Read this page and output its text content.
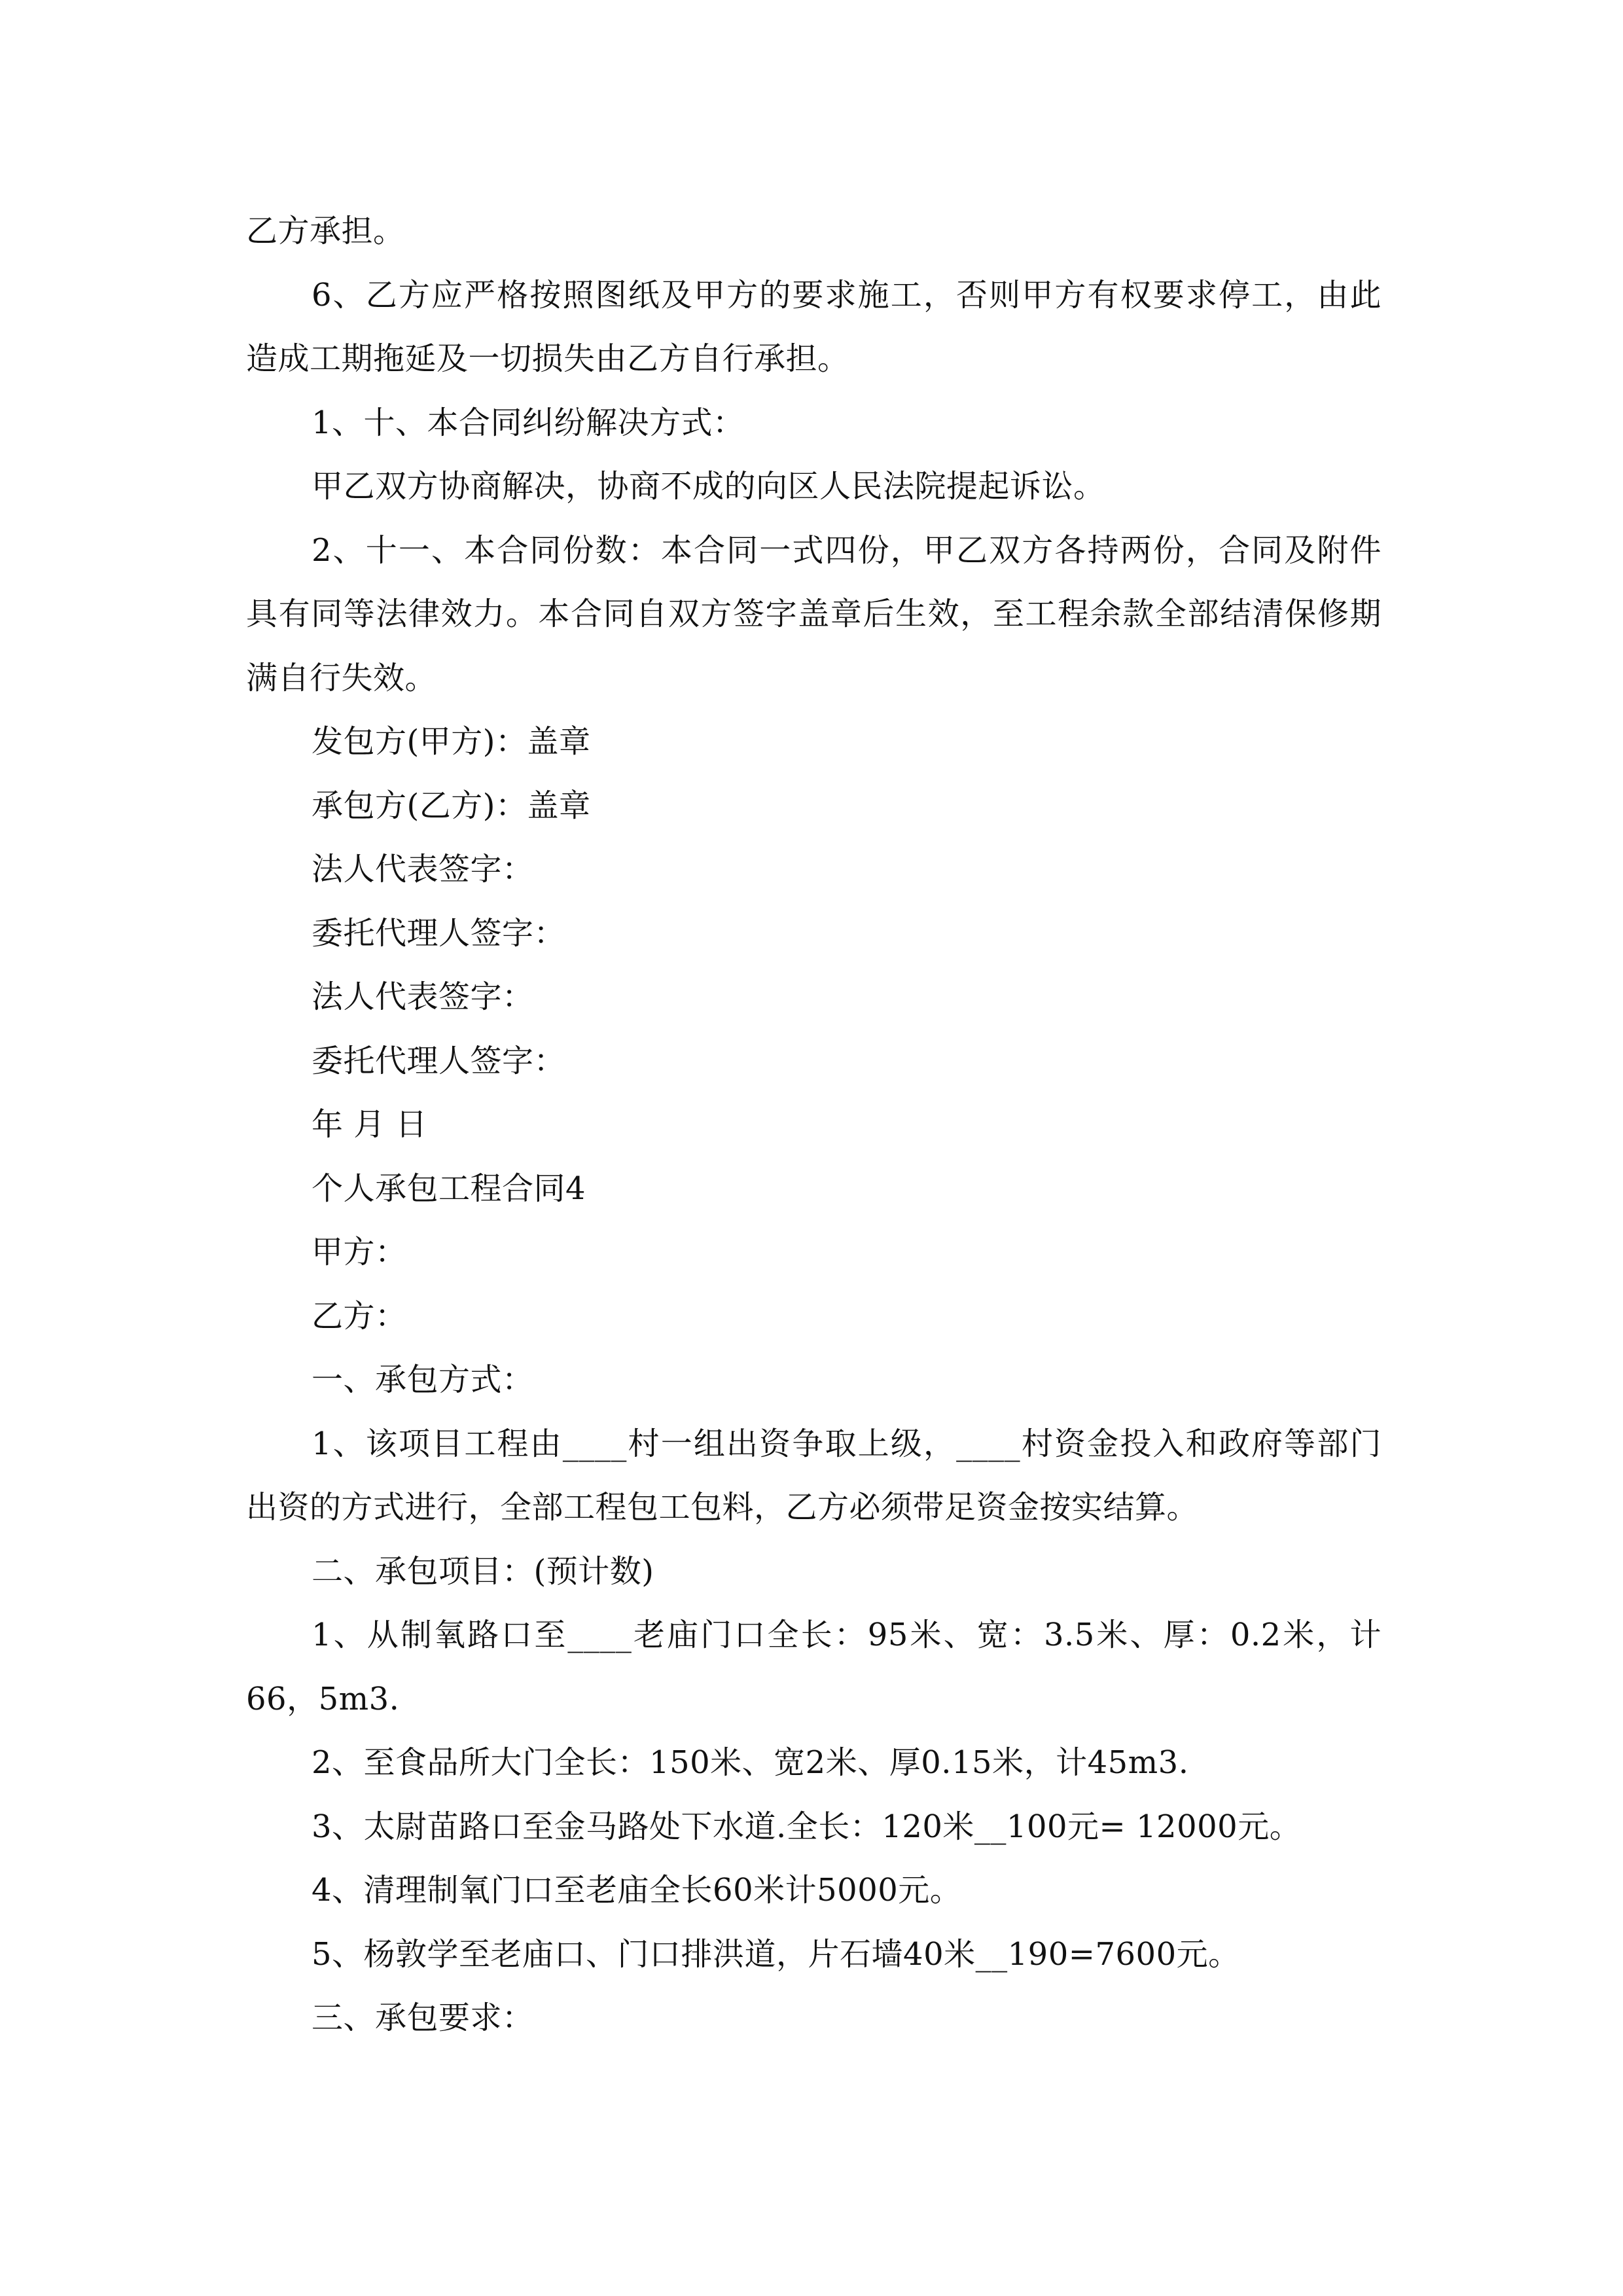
乙方承担。
6、乙方应严格按照图纸及甲方的要求施工，否则甲方有权要求停工，由此
造成工期拖延及一切损失由乙方自行承担。
1、十、本合同纠纷解决方式：
甲乙双方协商解决，协商不成的向区人民法院提起诉讼。
2、十一、本合同份数：本合同一式四份，甲乙双方各持两份，合同及附件
具有同等法律效力。本合同自双方签字盖章后生效，至工程余款全部结清保修期
满自行失效。
发包方(甲方)：盖章
承包方(乙方)：盖章
法人代表签字：
委托代理人签字：
法人代表签字：
委托代理人签字：
年 月 日
个人承包工程合同4
甲方：
乙方：
一、承包方式：
1、该项目工程由____村一组出资争取上级，____村资金投入和政府等部门
出资的方式进行，全部工程包工包料，乙方必须带足资金按实结算。
二、承包项目：(预计数)
1、从制氧路口至____老庙门口全长：95米、宽：3.5米、厚：0.2米，计
66，5m3.
2、至食品所大门全长：150米、宽2米、厚0.15米，计45m3.
3、太尉苗路口至金马路处下水道.全长：120米__100元= 12000元。
4、清理制氧门口至老庙全长60米计5000元。
5、杨敦学至老庙口、门口排洪道，片石墙40米__190=7600元。
三、承包要求：
